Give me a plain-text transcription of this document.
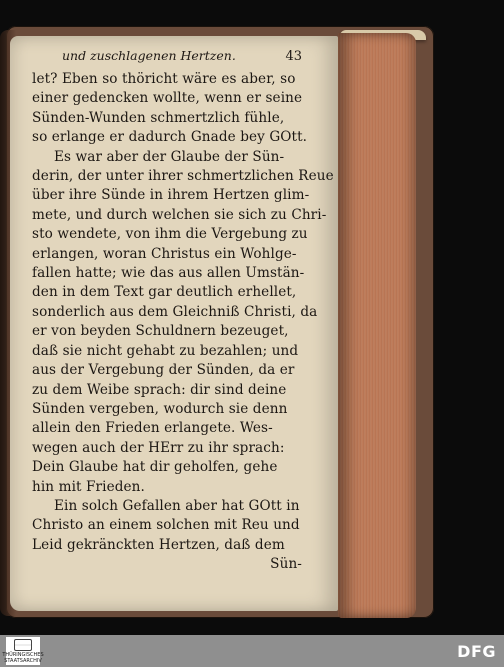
und zuschlagenen Hertzen.	43
let? Eben so thöricht wäre es aber, so
einer gedencken wollte, wenn er seine
Sünden-Wunden schmertzlich fühle,
so erlange er dadurch Gnade bey GOtt.
Es war aber der Glaube der Sün-
derin, der unter ihrer schmertzlichen Reue
über ihre Sünde in ihrem Hertzen glim-
mete, und durch welchen sie sich zu Chri-
sto wendete, von ihm die Vergebung zu
erlangen, woran Christus ein Wohlge-
fallen hatte; wie das aus allen Umstän-
den in dem Text gar deutlich erhellet,
sonderlich aus dem Gleichniß Christi, da
er von beyden Schuldnern bezeuget,
daß sie nicht gehabt zu bezahlen; und
aus der Vergebung der Sünden, da er
zu dem Weibe sprach: dir sind deine
Sünden vergeben, wodurch sie denn
allein den Frieden erlangete. Wes-
wegen auch der HErr zu ihr sprach:
Dein Glaube hat dir geholfen, gehe
hin mit Frieden.
Ein solch Gefallen aber hat GOtt in
Christo an einem solchen mit Reu und
Leid gekränckten Hertzen, daß dem
Sün-
THÜRINGISCHES STAATSARCHIV
DFG
